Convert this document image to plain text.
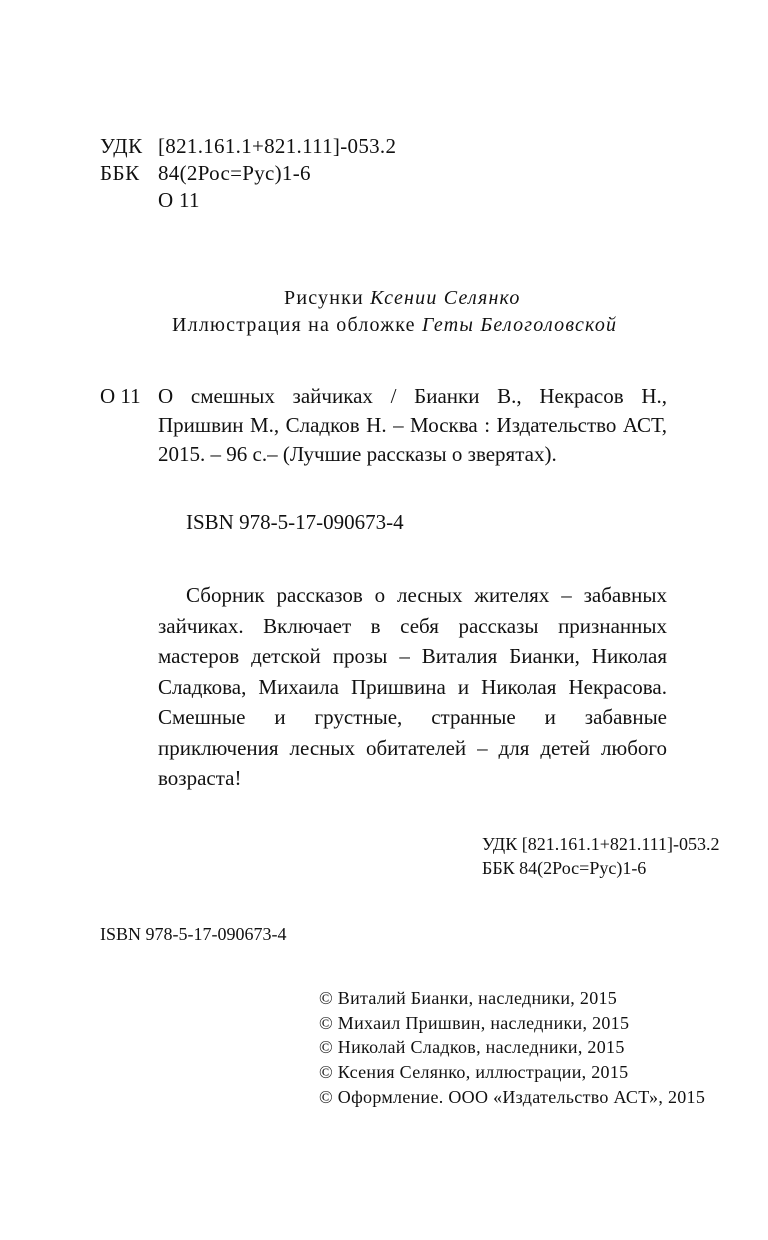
УДК [821.161.1+821.111]-053.2
ББК 84(2Рос=Рус)1-6
О 11
Рисунки Ксении Селянко
Иллюстрация на обложке Геты Белоголовской
О 11 О смешных зайчиках / Бианки В., Некрасов Н., Пришвин М., Сладков Н. – Москва : Издательство АСТ, 2015. – 96 с.– (Лучшие рассказы о зверятах).
ISBN 978-5-17-090673-4
Сборник рассказов о лесных жителях – забавных зайчиках. Включает в себя рассказы признанных мастеров детской прозы – Виталия Бианки, Николая Сладкова, Михаила Пришвина и Николая Некрасова. Смешные и грустные, странные и забавные приключения лесных обитателей – для детей любого возраста!
УДК [821.161.1+821.111]-053.2
ББК 84(2Рос=Рус)1-6
ISBN 978-5-17-090673-4
© Виталий Бианки, наследники, 2015
© Михаил Пришвин, наследники, 2015
© Николай Сладков, наследники, 2015
© Ксения Селянко, иллюстрации, 2015
© Оформление. ООО «Издательство АСТ», 2015
